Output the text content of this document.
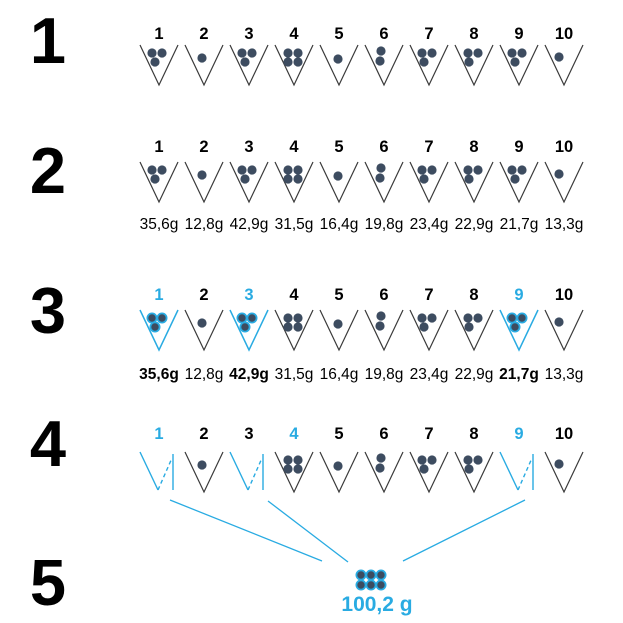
1
2
3
4
5
1 2 3 4 5 6 7 8 9 10
1
35,6g
2
12,8g
3
42,9g
4
31,5g
5
16,4g
6
19,8g
7
23,4g
8
22,9g
9
21,7g
10
13,3g
1
35,6g
2
12,8g
3
42,9g
4
31,5g
5
16,4g
6
19,8g
7
23,4g
8
22,9g
9
21,7g
10
13,3g
1 2 3 4 5 6 7 8 9 10
100,2 g
